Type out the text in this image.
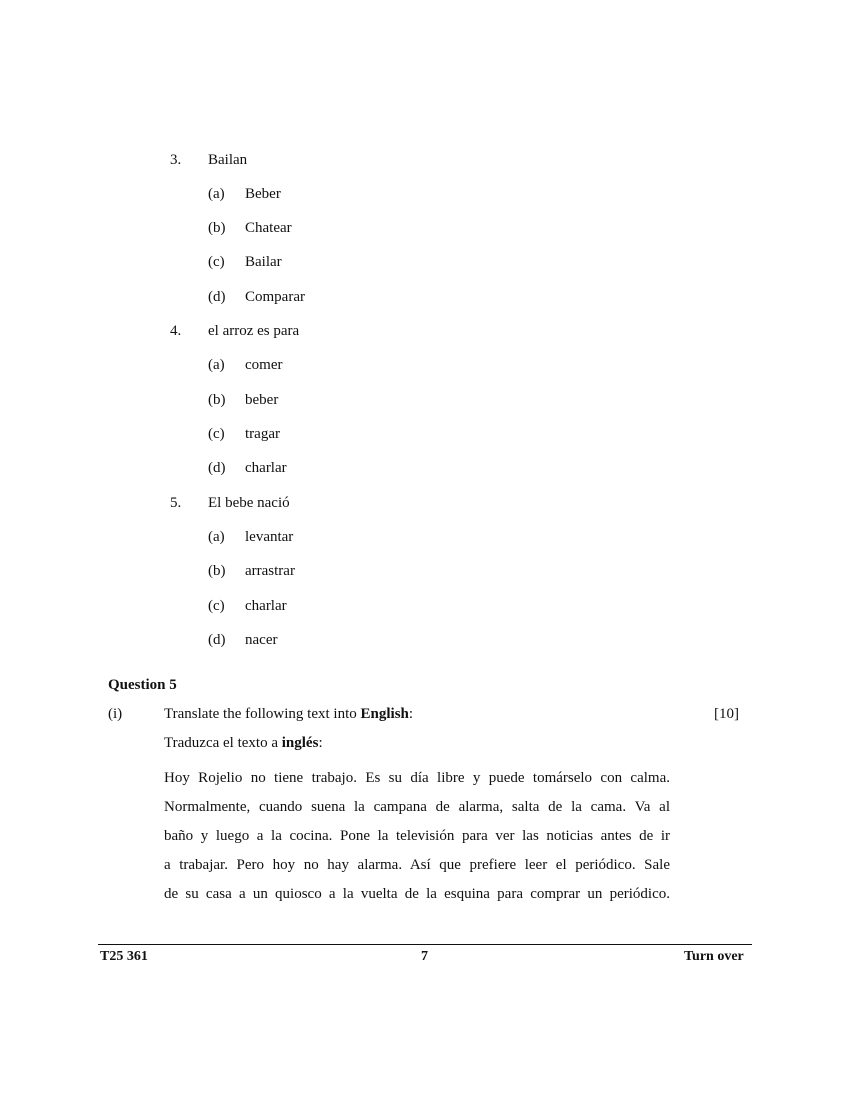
3. Bailan
(a) Beber
(b) Chatear
(c) Bailar
(d) Comparar
4. el arroz es para
(a) comer
(b) beber
(c) tragar
(d) charlar
5. El bebe nació
(a) levantar
(b) arrastrar
(c) charlar
(d) nacer
Question 5
(i)	Translate the following text into English:	[10]
Traduzca el texto a inglés:
Hoy Rojelio no tiene trabajo. Es su día libre y puede tomárselo con calma.
Normalmente, cuando suena la campana de alarma, salta de la cama. Va al
baño y luego a la cocina. Pone la televisión para ver las noticias antes de ir
a trabajar. Pero hoy no hay alarma. Así que prefiere leer el periódico. Sale
de su casa a un quiosco a la vuelta de la esquina para comprar un periódico.
T25 361	7	Turn over
